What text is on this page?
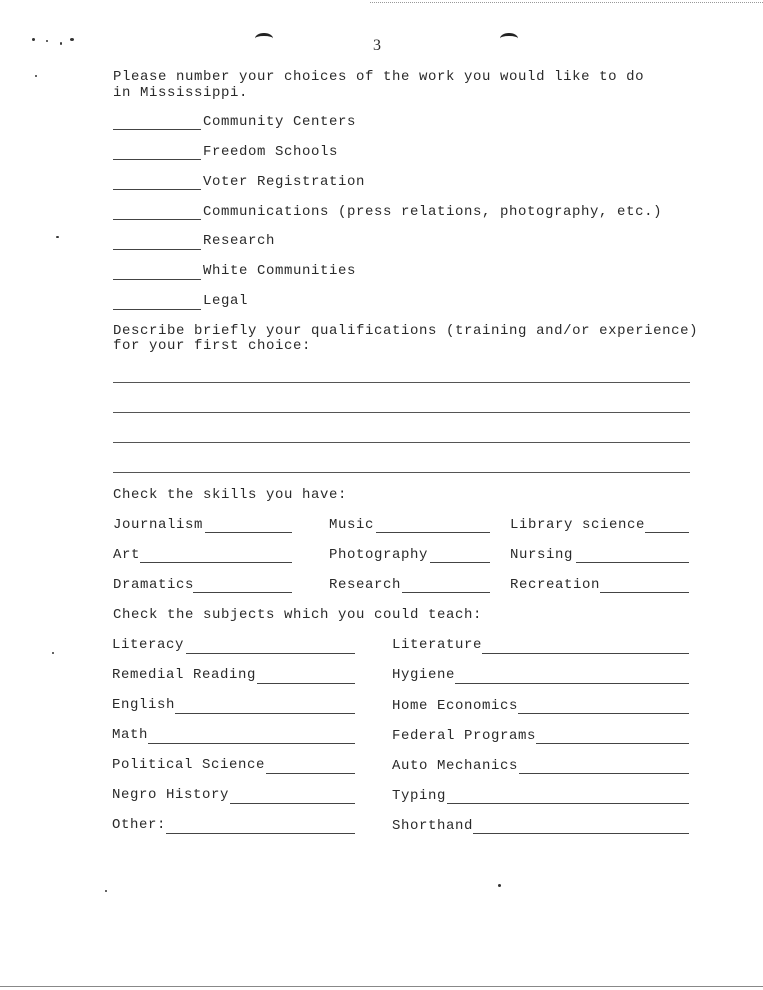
3
Please number your choices of the work you would like to do
in Mississippi.
Community Centers
Freedom Schools
Voter Registration
Communications (press relations, photography, etc.)
Research
White Communities
Legal
Describe briefly your qualifications (training and/or experience)
for your first choice:
Check the skills you have:
Journalism	Music	Library science
Art	Photography	Nursing
Dramatics	Research	Recreation
Check the subjects which you could teach:
Literacy	Literature
Remedial Reading	Hygiene
English	Home Economics
Math	Federal Programs
Political Science	Auto Mechanics
Negro History	Typing
Other:	Shorthand
